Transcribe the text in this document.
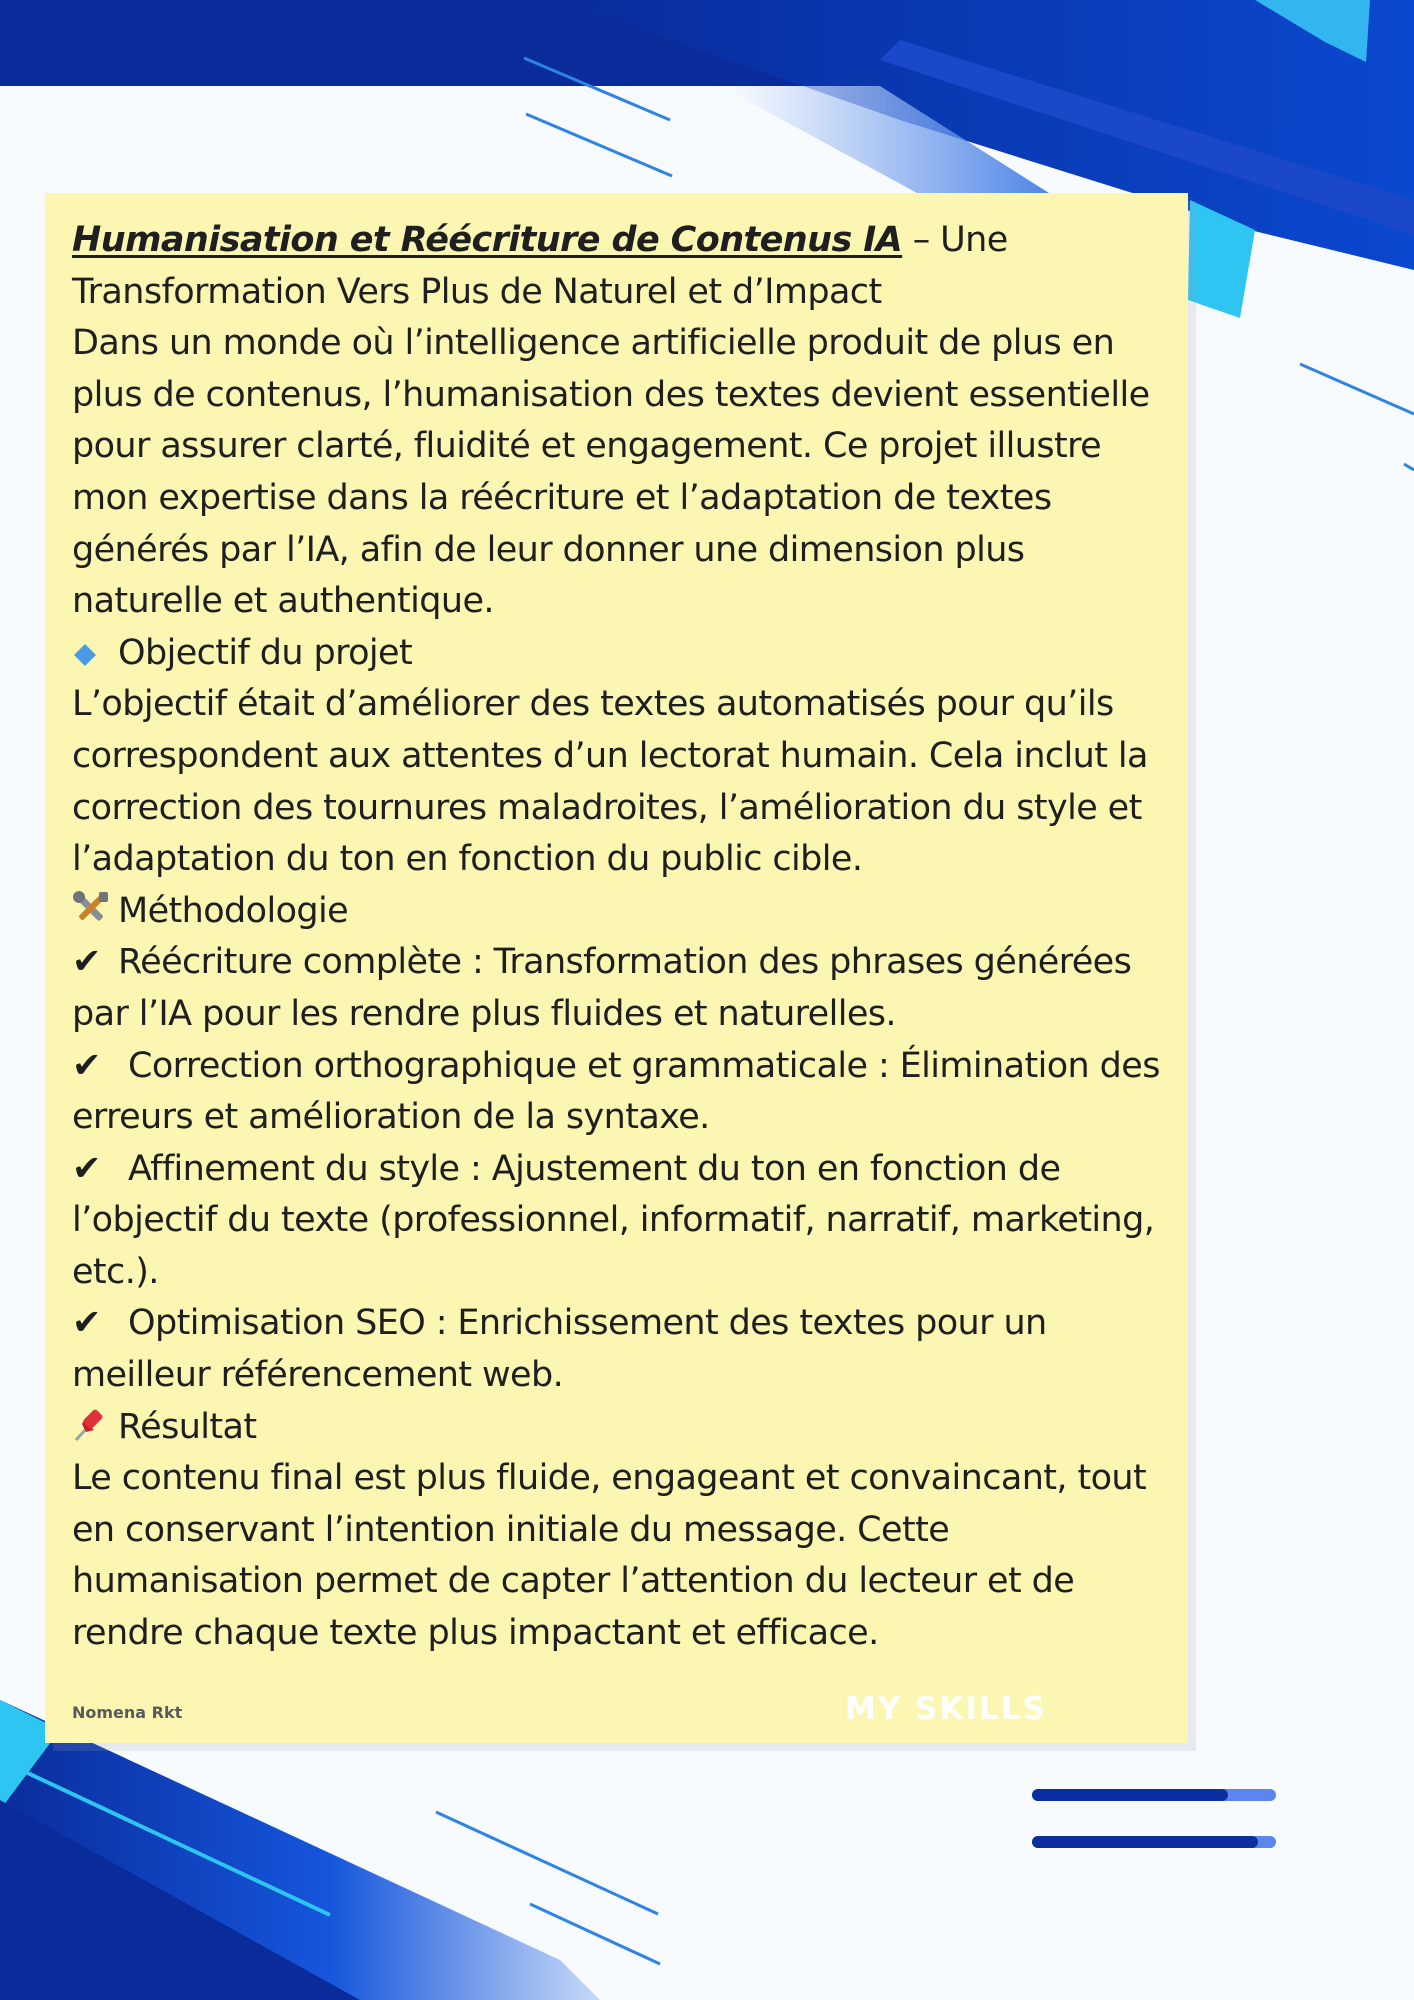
Humanisation et Réécriture de Contenus IA – Une Transformation Vers Plus de Naturel et d’Impact

Dans un monde où l’intelligence artificielle produit de plus en plus de contenus, l’humanisation des textes devient essentielle pour assurer clarté, fluidité et engagement. Ce projet illustre mon expertise dans la réécriture et l’adaptation de textes générés par l’IA, afin de leur donner une dimension plus naturelle et authentique.

Objectif du projet

L’objectif était d’améliorer des textes automatisés pour qu’ils correspondent aux attentes d’un lectorat humain. Cela inclut la correction des tournures maladroites, l’amélioration du style et l’adaptation du ton en fonction du public cible.

Méthodologie

✔ Réécriture complète : Transformation des phrases générées par l’IA pour les rendre plus fluides et naturelles.

✔ Correction orthographique et grammaticale : Élimination des erreurs et amélioration de la syntaxe.

✔ Affinement du style : Ajustement du ton en fonction de l’objectif du texte (professionnel, informatif, narratif, marketing, etc.).

✔ Optimisation SEO : Enrichissement des textes pour un meilleur référencement web.

Résultat

Le contenu final est plus fluide, engageant et convaincant, tout en conservant l’intention initiale du message. Cette humanisation permet de capter l’attention du lecteur et de rendre chaque texte plus impactant et efficace.

Nomena Rkt	MY SKILLS
